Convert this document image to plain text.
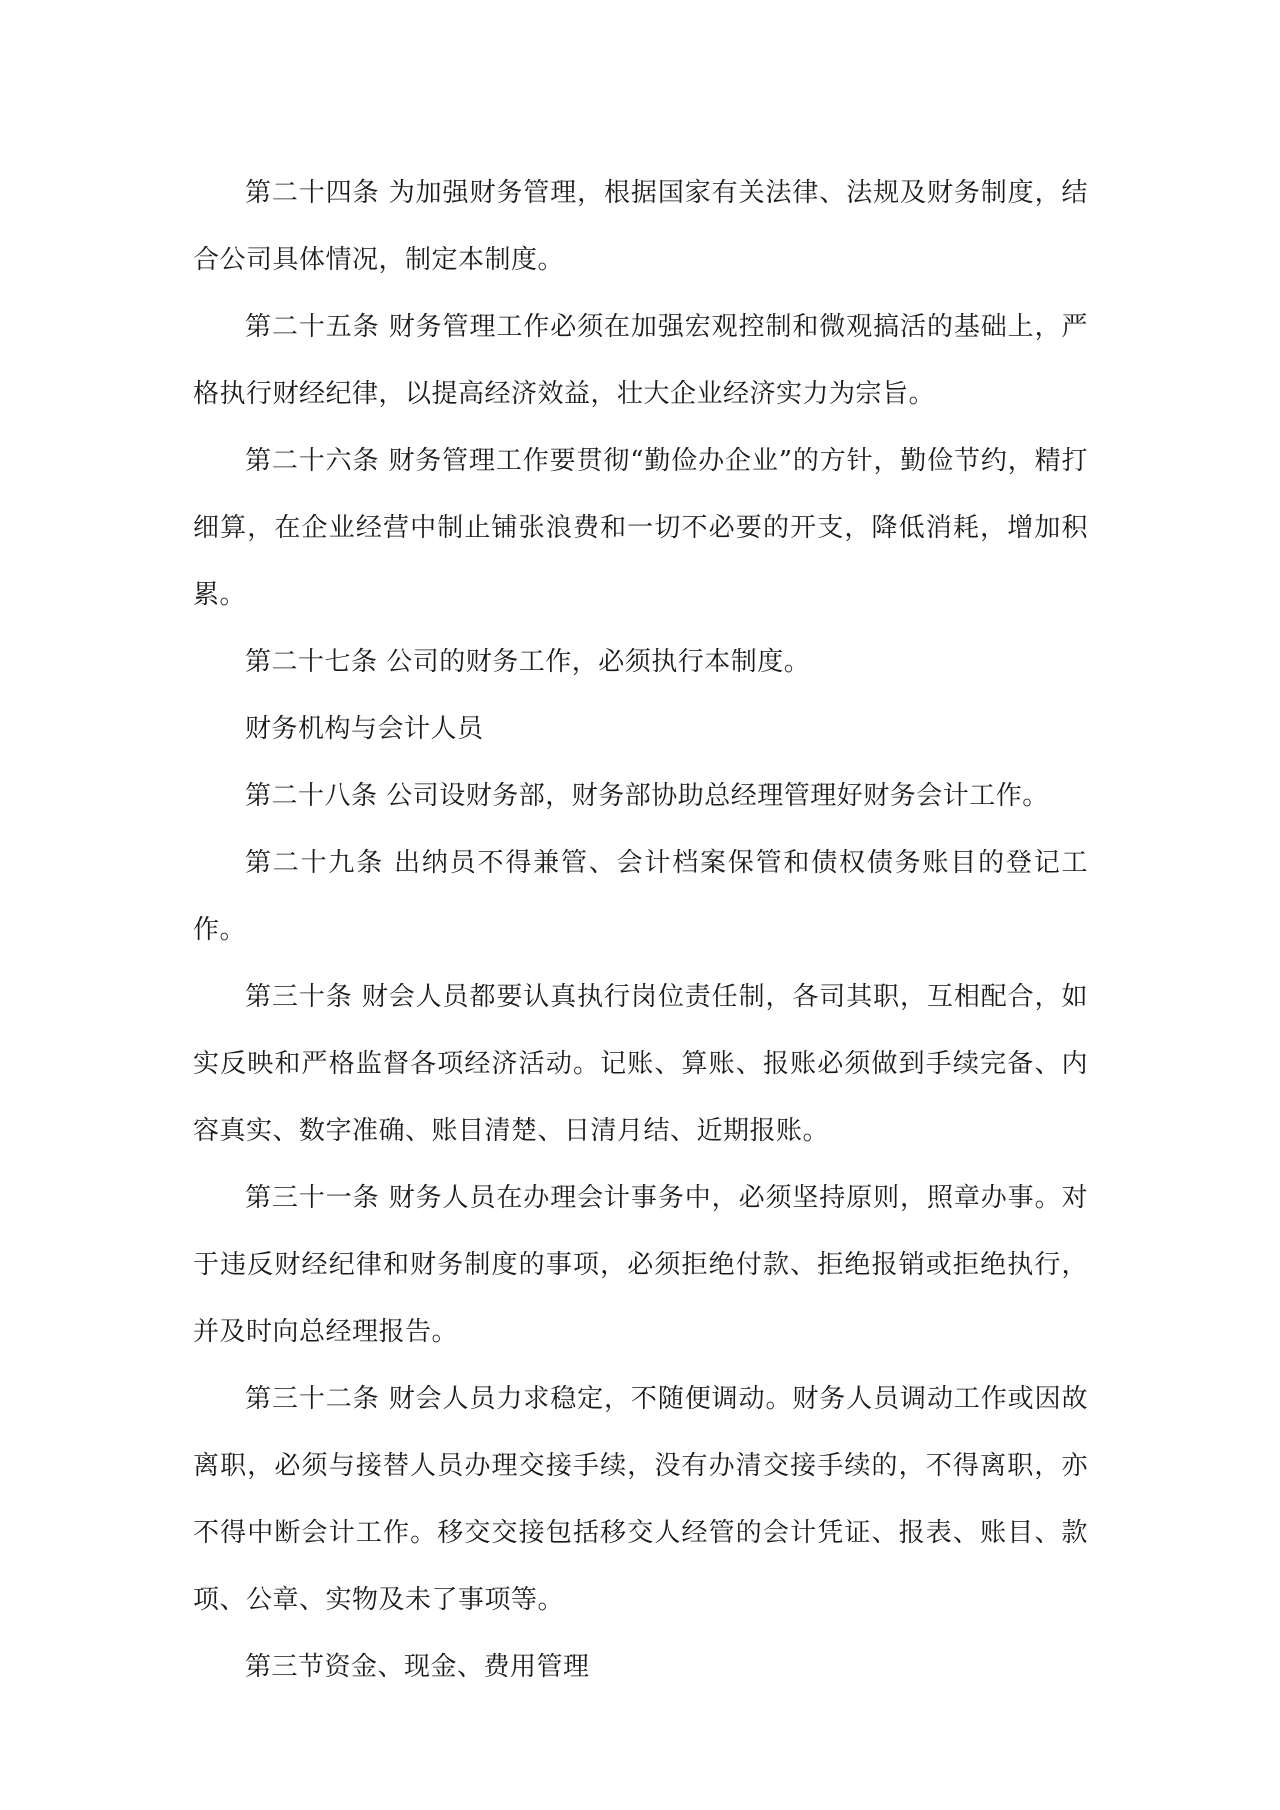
第二十四条 为加强财务管理，根据国家有关法律、法规及财务制度，结合公司具体情况，制定本制度。

第二十五条 财务管理工作必须在加强宏观控制和微观搞活的基础上，严格执行财经纪律，以提高经济效益，壮大企业经济实力为宗旨。

第二十六条 财务管理工作要贯彻“勤俭办企业”的方针，勤俭节约，精打细算，在企业经营中制止铺张浪费和一切不必要的开支，降低消耗，增加积累。

第二十七条 公司的财务工作，必须执行本制度。

财务机构与会计人员

第二十八条 公司设财务部，财务部协助总经理管理好财务会计工作。

第二十九条 出纳员不得兼管、会计档案保管和债权债务账目的登记工作。

第三十条 财会人员都要认真执行岗位责任制，各司其职，互相配合，如实反映和严格监督各项经济活动。记账、算账、报账必须做到手续完备、内容真实、数字准确、账目清楚、日清月结、近期报账。

第三十一条 财务人员在办理会计事务中，必须坚持原则，照章办事。对于违反财经纪律和财务制度的事项，必须拒绝付款、拒绝报销或拒绝执行，并及时向总经理报告。

第三十二条 财会人员力求稳定，不随便调动。财务人员调动工作或因故离职，必须与接替人员办理交接手续，没有办清交接手续的，不得离职，亦不得中断会计工作。移交交接包括移交人经管的会计凭证、报表、账目、款项、公章、实物及未了事项等。

第三节资金、现金、费用管理
